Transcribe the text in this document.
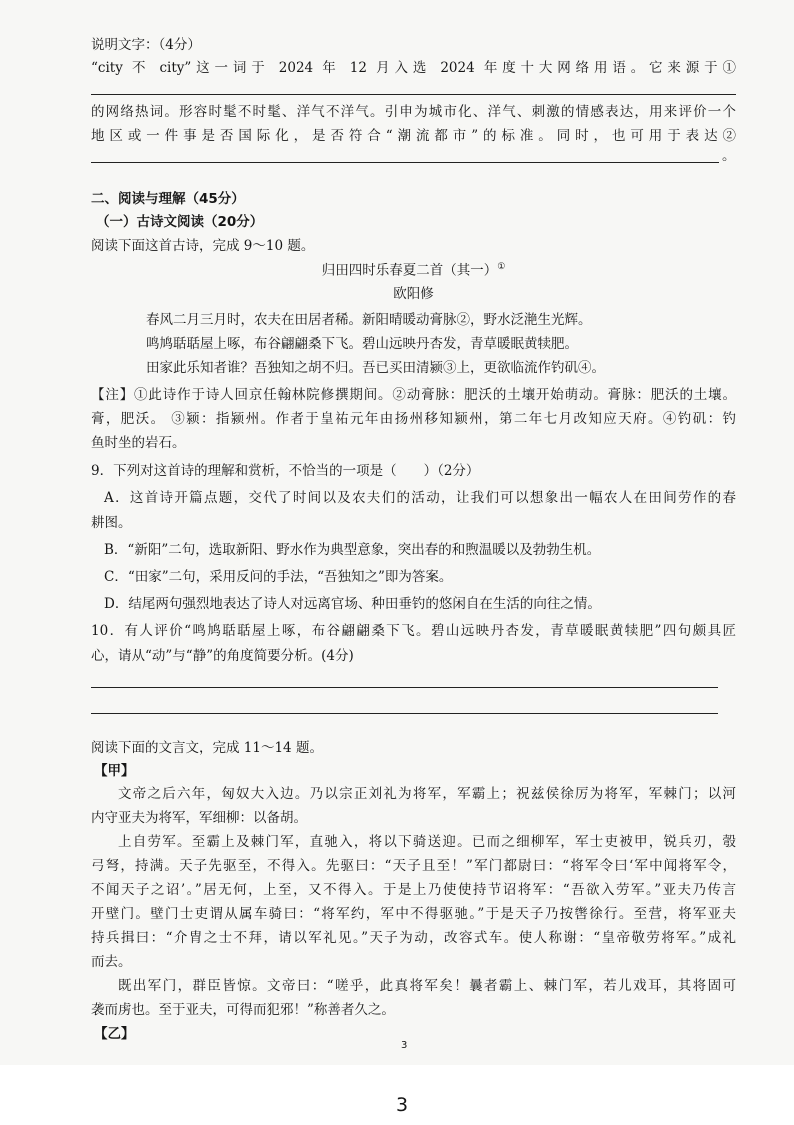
说明文字：（4分）
“city 不 city”这一词于 2024 年 12 月入选 2024 年度十大网络用语。它来源于①
的网络热词。形容时髦不时髦、洋气不洋气。引申为城市化、洋气、刺激的情感表达，用来评价一个
地区或一件事是否国际化，是否符合“潮流都市”的标准。同时，也可用于表达②
。
二、阅读与理解（45分）
（一）古诗文阅读（20分）
阅读下面这首古诗，完成 9～10 题。
归田四时乐春夏二首（其一）①
欧阳修
春风二月三月时，农夫在田居者稀。新阳晴暖动膏脉②，野水泛滟生光辉。
鸣鸠聒聒屋上啄，布谷翩翩桑下飞。碧山远映丹杏发，青草暖眠黄犊肥。
田家此乐知者谁？吾独知之胡不归。吾已买田清颍③上，更欲临流作钓矶④。
【注】①此诗作于诗人回京任翰林院修撰期间。②动膏脉：肥沃的土壤开始萌动。膏脉：肥沃的土壤。
膏，肥沃。 ③颍：指颍州。作者于皇祐元年由扬州移知颍州，第二年七月改知应天府。④钓矶：钓
鱼时坐的岩石。
9．下列对这首诗的理解和赏析，不恰当的一项是（　　）（2分）
A．这首诗开篇点题，交代了时间以及农夫们的活动，让我们可以想象出一幅农人在田间劳作的春
耕图。
B．“新阳”二句，选取新阳、野水作为典型意象，突出春的和煦温暖以及勃勃生机。
C．“田家”二句，采用反问的手法，“吾独知之”即为答案。
D．结尾两句强烈地表达了诗人对远离官场、种田垂钓的悠闲自在生活的向往之情。
10．有人评价“鸣鸠聒聒屋上啄，布谷翩翩桑下飞。碧山远映丹杏发，青草暖眠黄犊肥”四句颇具匠
心，请从“动”与“静”的角度简要分析。(4分)
阅读下面的文言文，完成 11～14 题。
【甲】
文帝之后六年，匈奴大入边。乃以宗正刘礼为将军，军霸上；祝兹侯徐厉为将军，军棘门；以河
内守亚夫为将军，军细柳：以备胡。
上自劳军。至霸上及棘门军，直驰入，将以下骑送迎。已而之细柳军，军士吏被甲，锐兵刃，彀
弓弩，持满。天子先驱至，不得入。先驱曰：“天子且至！”军门都尉曰：“将军令曰‘军中闻将军令，
不闻天子之诏’。”居无何，上至，又不得入。于是上乃使使持节诏将军：“吾欲入劳军。”亚夫乃传言
开壁门。壁门士吏谓从属车骑曰：“将军约，军中不得驱驰。”于是天子乃按辔徐行。至营，将军亚夫
持兵揖曰：“介胄之士不拜，请以军礼见。”天子为动，改容式车。使人称谢：“皇帝敬劳将军。”成礼
而去。
既出军门，群臣皆惊。文帝曰：“嗟乎，此真将军矣！曩者霸上、棘门军，若儿戏耳，其将固可
袭而虏也。至于亚夫，可得而犯邪！”称善者久之。
【乙】
3
3
